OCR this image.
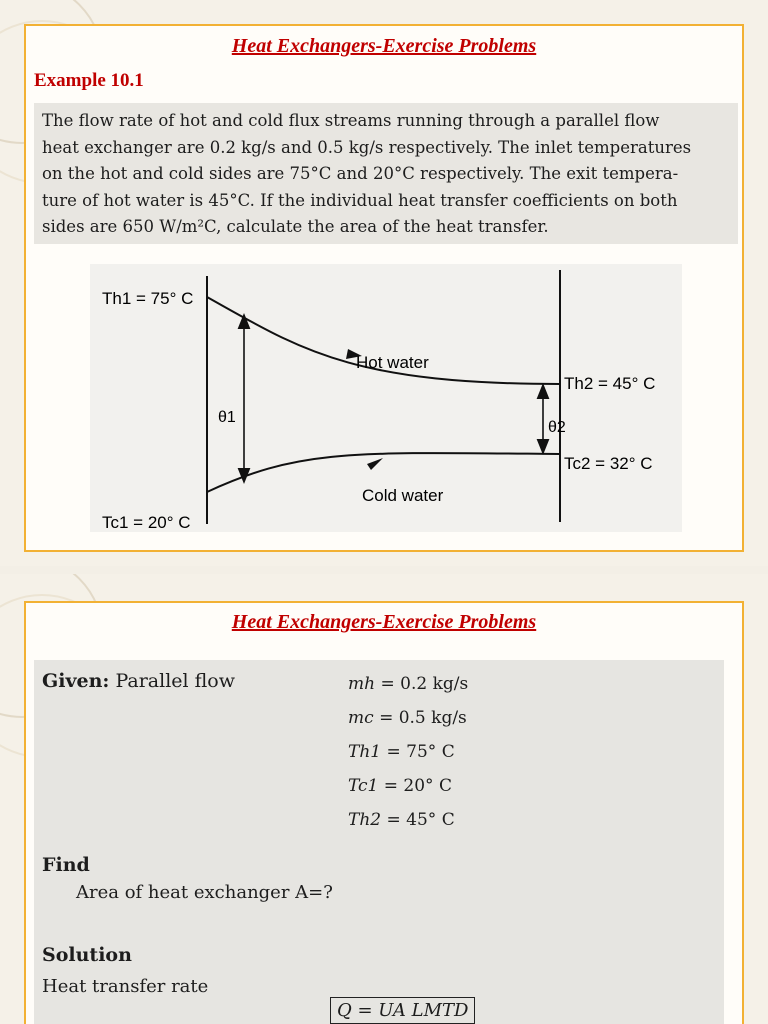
Heat Exchangers-Exercise Problems
Example 10.1
The flow rate of hot and cold flux streams running through a parallel flow
heat exchanger are 0.2 kg/s and 0.5 kg/s respectively. The inlet temperatures
on the hot and cold sides are 75°C and 20°C respectively. The exit tempera-
ture of hot water is 45°C. If the individual heat transfer coefficients on both
sides are 650 W/m²C, calculate the area of the heat transfer.
Th1 = 75° C
Tc1 = 20° C
Th2 = 45° C
Tc2 = 32° C
Hot water
Cold water
θ1
θ2
Heat Exchangers-Exercise Problems
Given: Parallel flow	mh = 0.2 kg/s
mc = 0.5 kg/s
Th1 = 75° C
Tc1 = 20° C
Th2 = 45° C
Find
Area of heat exchanger A=?
Solution
Heat transfer rate
Q = UA LMTD
